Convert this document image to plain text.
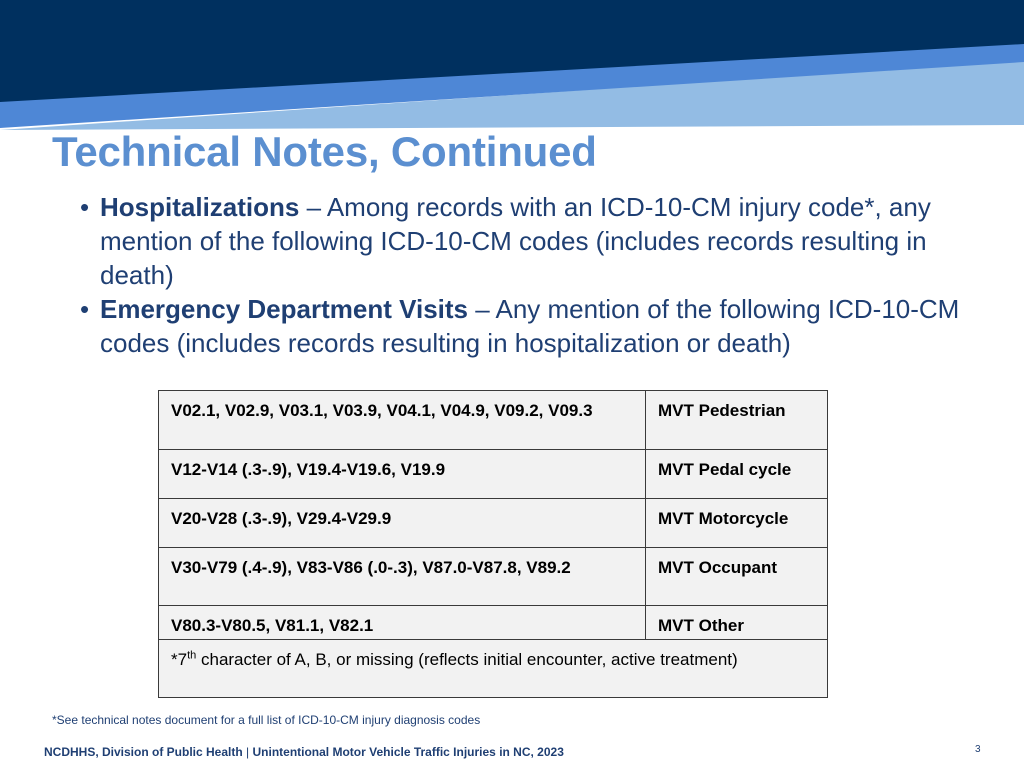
Technical Notes, Continued
• Hospitalizations – Among records with an ICD-10-CM injury code*, any mention of the following ICD-10-CM codes (includes records resulting in death)
• Emergency Department Visits – Any mention of the following ICD-10-CM codes (includes records resulting in hospitalization or death)
V02.1, V02.9, V03.1, V03.9, V04.1, V04.9, V09.2, V09.3	MVT Pedestrian
V12-V14 (.3-.9), V19.4-V19.6, V19.9	MVT Pedal cycle
V20-V28 (.3-.9), V29.4-V29.9	MVT Motorcycle
V30-V79 (.4-.9), V83-V86 (.0-.3), V87.0-V87.8, V89.2	MVT Occupant
V80.3-V80.5, V81.1, V82.1	MVT Other
*7th character of A, B, or missing (reflects initial encounter, active treatment)	
*See technical notes document for a full list of ICD-10-CM injury diagnosis codes
NCDHHS, Division of Public Health | Unintentional Motor Vehicle Traffic Injuries in NC, 2023	3
